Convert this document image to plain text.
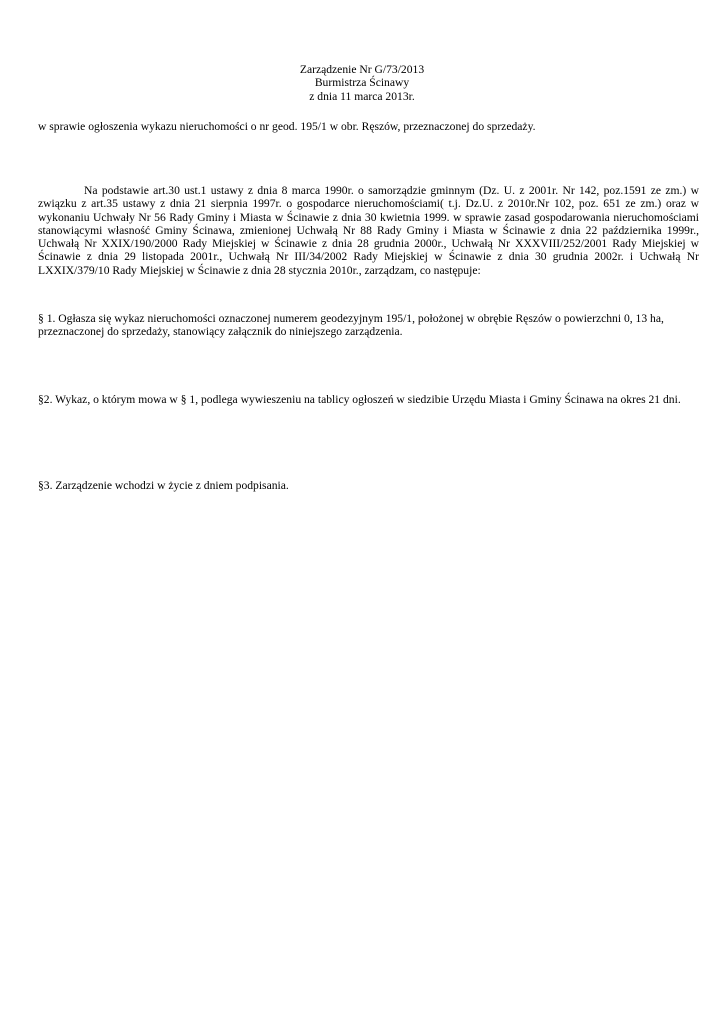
Zarządzenie Nr G/73/2013
Burmistrza Ścinawy
z dnia 11 marca 2013r.

w sprawie ogłoszenia wykazu nieruchomości o nr geod. 195/1 w obr. Ręszów, przeznaczonej do sprzedaży.

Na podstawie art.30 ust.1 ustawy z dnia 8 marca 1990r. o samorządzie gminnym (Dz. U. z 2001r. Nr 142, poz.1591 ze zm.) w związku z art.35 ustawy z dnia 21 sierpnia 1997r. o gospodarce nieruchomościami( t.j. Dz.U. z 2010r.Nr 102, poz. 651 ze zm.) oraz w wykonaniu Uchwały Nr 56 Rady Gminy i Miasta w Ścinawie z dnia 30 kwietnia 1999. w sprawie zasad gospodarowania nieruchomościami stanowiącymi własność Gminy Ścinawa, zmienionej Uchwałą Nr 88 Rady Gminy i Miasta w Ścinawie z dnia 22 października 1999r., Uchwałą Nr XXIX/190/2000 Rady Miejskiej w Ścinawie z dnia 28 grudnia 2000r., Uchwałą Nr XXXVIII/252/2001 Rady Miejskiej w Ścinawie z dnia 29 listopada 2001r., Uchwałą Nr III/34/2002 Rady Miejskiej w Ścinawie z dnia 30 grudnia 2002r. i Uchwałą Nr LXXIX/379/10 Rady Miejskiej w Ścinawie z dnia 28 stycznia 2010r., zarządzam, co następuje:

§ 1. Ogłasza się wykaz nieruchomości oznaczonej numerem geodezyjnym 195/1, położonej w obrębie Ręszów o powierzchni 0, 13 ha, przeznaczonej do sprzedaży, stanowiący załącznik do niniejszego zarządzenia.

§2. Wykaz, o którym mowa w § 1, podlega wywieszeniu na tablicy ogłoszeń w siedzibie Urzędu Miasta i Gminy Ścinawa na okres 21 dni.

§3. Zarządzenie wchodzi w życie z dniem podpisania.
